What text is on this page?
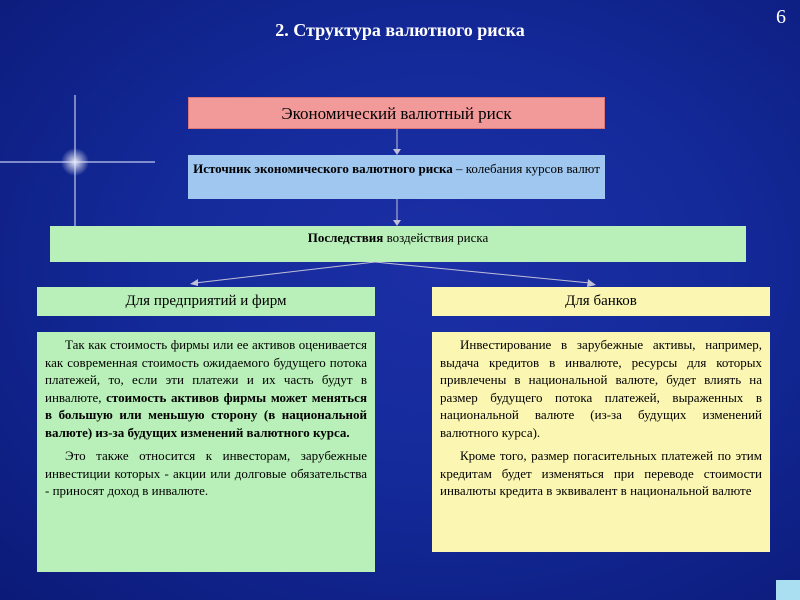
2. Структура валютного риска
6
Экономический валютный риск
Источник экономического валютного риска – колебания курсов валют
Последствия воздействия риска
Для предприятий и фирм	Для банков

Так как стоимость фирмы или ее активов оценивается как современная стоимость ожидаемого будущего потока платежей, то, если эти платежи и их часть будут в инвалюте, стоимость активов фирмы может меняться в большую или меньшую сторону (в национальной валюте) из-за будущих изменений валютного курса.

Это также относится к инвесторам, зарубежные инвестиции которых - акции или долговые обязательства - приносят доход в инвалюте.

Инвестирование в зарубежные активы, например, выдача кредитов в инвалюте, ресурсы для которых привлечены в национальной валюте, будет влиять на размер будущего потока платежей, выраженных в национальной валюте (из-за будущих изменений валютного курса).

Кроме того, размер погасительных платежей по этим кредитам будет изменяться при переводе стоимости инвалюты кредита в эквивалент в национальной валюте
